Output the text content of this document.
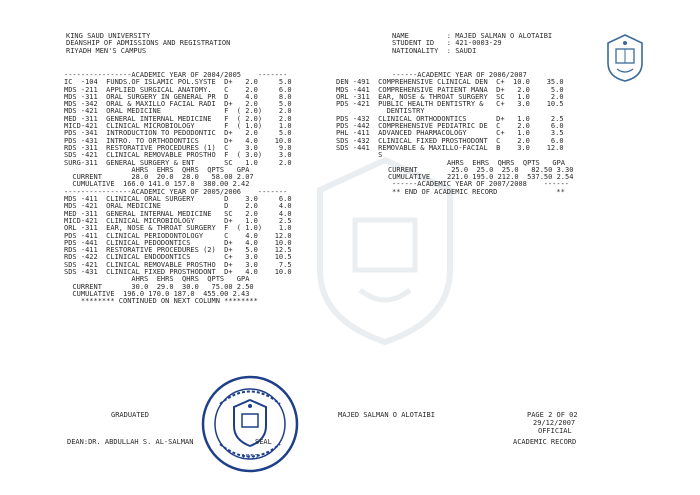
KING SAUD UNIVERSITY
DEANSHIP OF ADMISSIONS AND REGISTRATION
RIYADH MEN'S CAMPUS
NAME         : MAJED SALMAN O ALOTAIBI
STUDENT ID   : 421-0003-29
NATIONALITY  : SAUDI
----------------ACADEMIC YEAR OF 2004/2005    -------
IC  -104  FUNDS.OF ISLAMIC POL.SYSTE  D+   2.0     5.0
MDS -211  APPLIED SURGICAL ANATOMY.   C    2.0     6.0
MDS -311  ORAL SURGERY IN GENERAL PR  D    4.0     8.0
MDS -342  ORAL & MAXILLO FACIAL RADI  D+   2.0     5.0
MDS -421  ORAL MEDICINE               F  ( 2.0)    2.0
MED -311  GENERAL INTERNAL MEDICINE   F  ( 2.0)    2.0
MICD-421  CLINICAL MICROBIOLOGY       F  ( 1.0)    1.0
PDS -341  INTRODUCTION TO PEDODONTIC  D+   2.0     5.0
PDS -431  INTRO. TO ORTHODONTICS      D+   4.0    10.0
RDS -311  RESTORATIVE PROCEDURES (1)  C    3.0     9.0
SDS -421  CLINICAL REMOVABLE PROSTHO  F  ( 3.0)    3.0
SURG-311  GENERAL SURGERY & ENT       SC   1.0     2.0
AHRS  EHRS  QHRS  QPTS   GPA
CURRENT       28.0  20.0  28.0   58.00 2.07
CUMULATIVE  166.0 141.0 157.0  380.00 2.42
----------------ACADEMIC YEAR OF 2005/2006    -------
MDS -411  CLINICAL ORAL SURGERY       D    3.0     6.0
MDS -421  ORAL MEDICINE               D    2.0     4.0
MED -311  GENERAL INTERNAL MEDICINE   SC   2.0     4.0
MICD-421  CLINICAL MICROBIOLOGY       D+   1.0     2.5
ORL -311  EAR, NOSE & THROAT SURGERY  F  ( 1.0)    1.0
PDS -411  CLINICAL PERIODONTOLOGY     C    4.0    12.0
PDS -441  CLINICAL PEDODONTICS        D+   4.0    10.0
RDS -411  RESTORATIVE PROCEDURES (2)  D+   5.0    12.5
RDS -422  CLINICAL ENDODONTICS        C+   3.0    10.5
SDS -421  CLINICAL REMOVABLE PROSTHO  D+   3.0     7.5
SDS -431  CLINICAL FIXED PROSTHODONT  D+   4.0    10.0
AHRS  EHRS  QHRS  QPTS   GPA
CURRENT       30.0  29.0  30.0   75.00 2.50
CUMULATIVE  196.0 170.0 187.0  455.00 2.43
******** CONTINUED ON NEXT COLUMN ********
------ACADEMIC YEAR OF 2006/2007
DEN -491  COMPREHENSIVE CLINICAL DEN  C+  10.0    35.0
MDS -441  COMPREHENSIVE PATIENT MANA  D+   2.0     5.0
ORL -311  EAR, NOSE & THROAT SURGERY  SC   1.0     2.0
PDS -421  PUBLIC HEALTH DENTISTRY &   C+   3.0    10.5
DENTISTRY
PDS -432  CLINICAL ORTHODONTICS       D+   1.0     2.5
PDS -442  COMPREHENSIVE PEDIATRIC DE  C    2.0     6.0
PHL -411  ADVANCED PHARMACOLOGY       C+   1.0     3.5
SDS -432  CLINICAL FIXED PROSTHODONT  C    2.0     6.0
SDS -441  REMOVABLE & MAXILLO-FACIAL  B    3.0    12.0
S
AHRS  EHRS  QHRS  QPTS   GPA
CURRENT        25.0  25.0  25.0   82.50 3.30
CUMULATIVE    221.0 195.0 212.0  537.50 2.54
------ACADEMIC YEAR OF 2007/2008    ------
** END OF ACADEMIC RECORD              **
1957
GRADUATED	MAJED SALMAN O ALOTAIBI	PAGE 2 OF 02
29/12/2007
OFFICIAL
DEAN:DR. ABDULLAH S. AL-SALMAN	SEAL	ACADEMIC RECORD
